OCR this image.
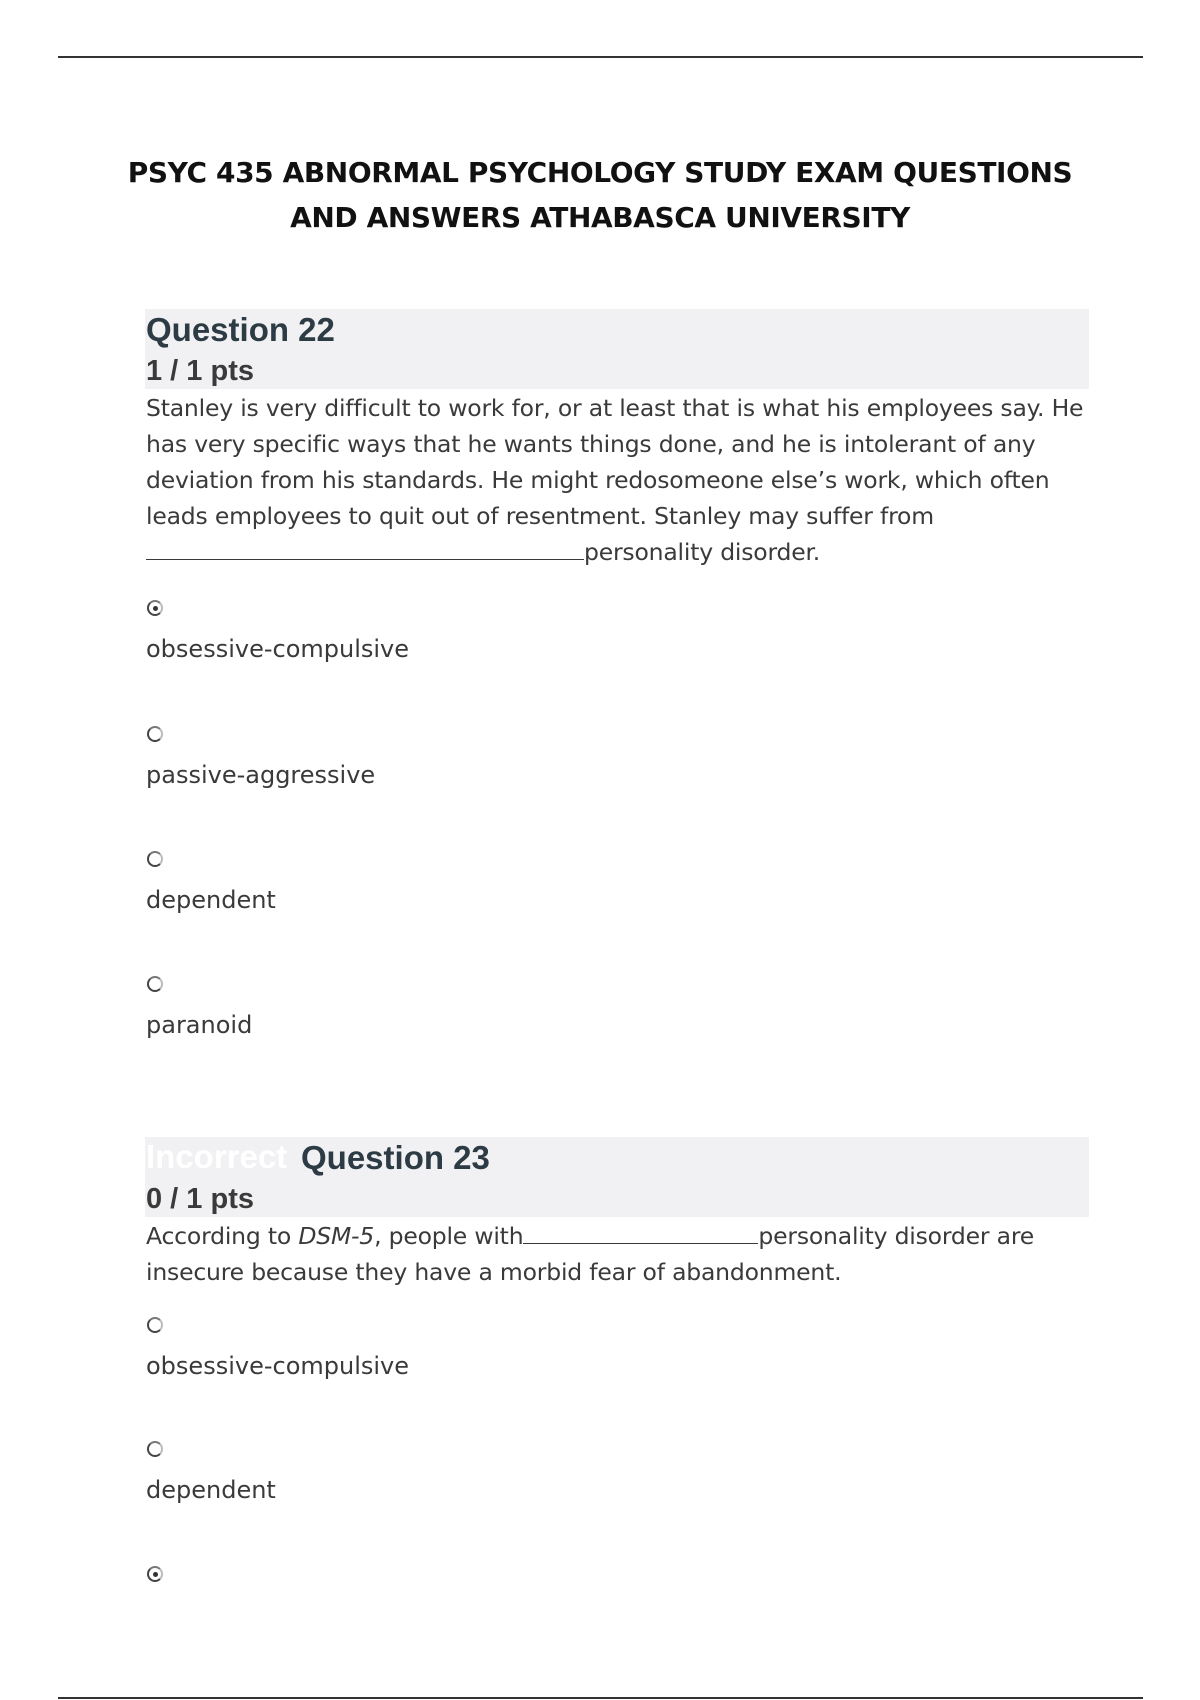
PSYC 435 ABNORMAL PSYCHOLOGY STUDY EXAM QUESTIONS AND ANSWERS ATHABASCA UNIVERSITY
Question 22
1 / 1 pts
Stanley is very difficult to work for, or at least that is what his employees say. He has very specific ways that he wants things done, and he is intolerant of any deviation from his standards. He might redosomeone else’s work, which often leads employees to quit out of resentment. Stanley may suffer frompersonality disorder.
obsessive-compulsive
passive-aggressive
dependent
paranoid
Incorrect Question 23
0 / 1 pts
According to DSM-5, people with	personality disorder are insecure because they have a morbid fear of abandonment.
obsessive-compulsive
dependent
